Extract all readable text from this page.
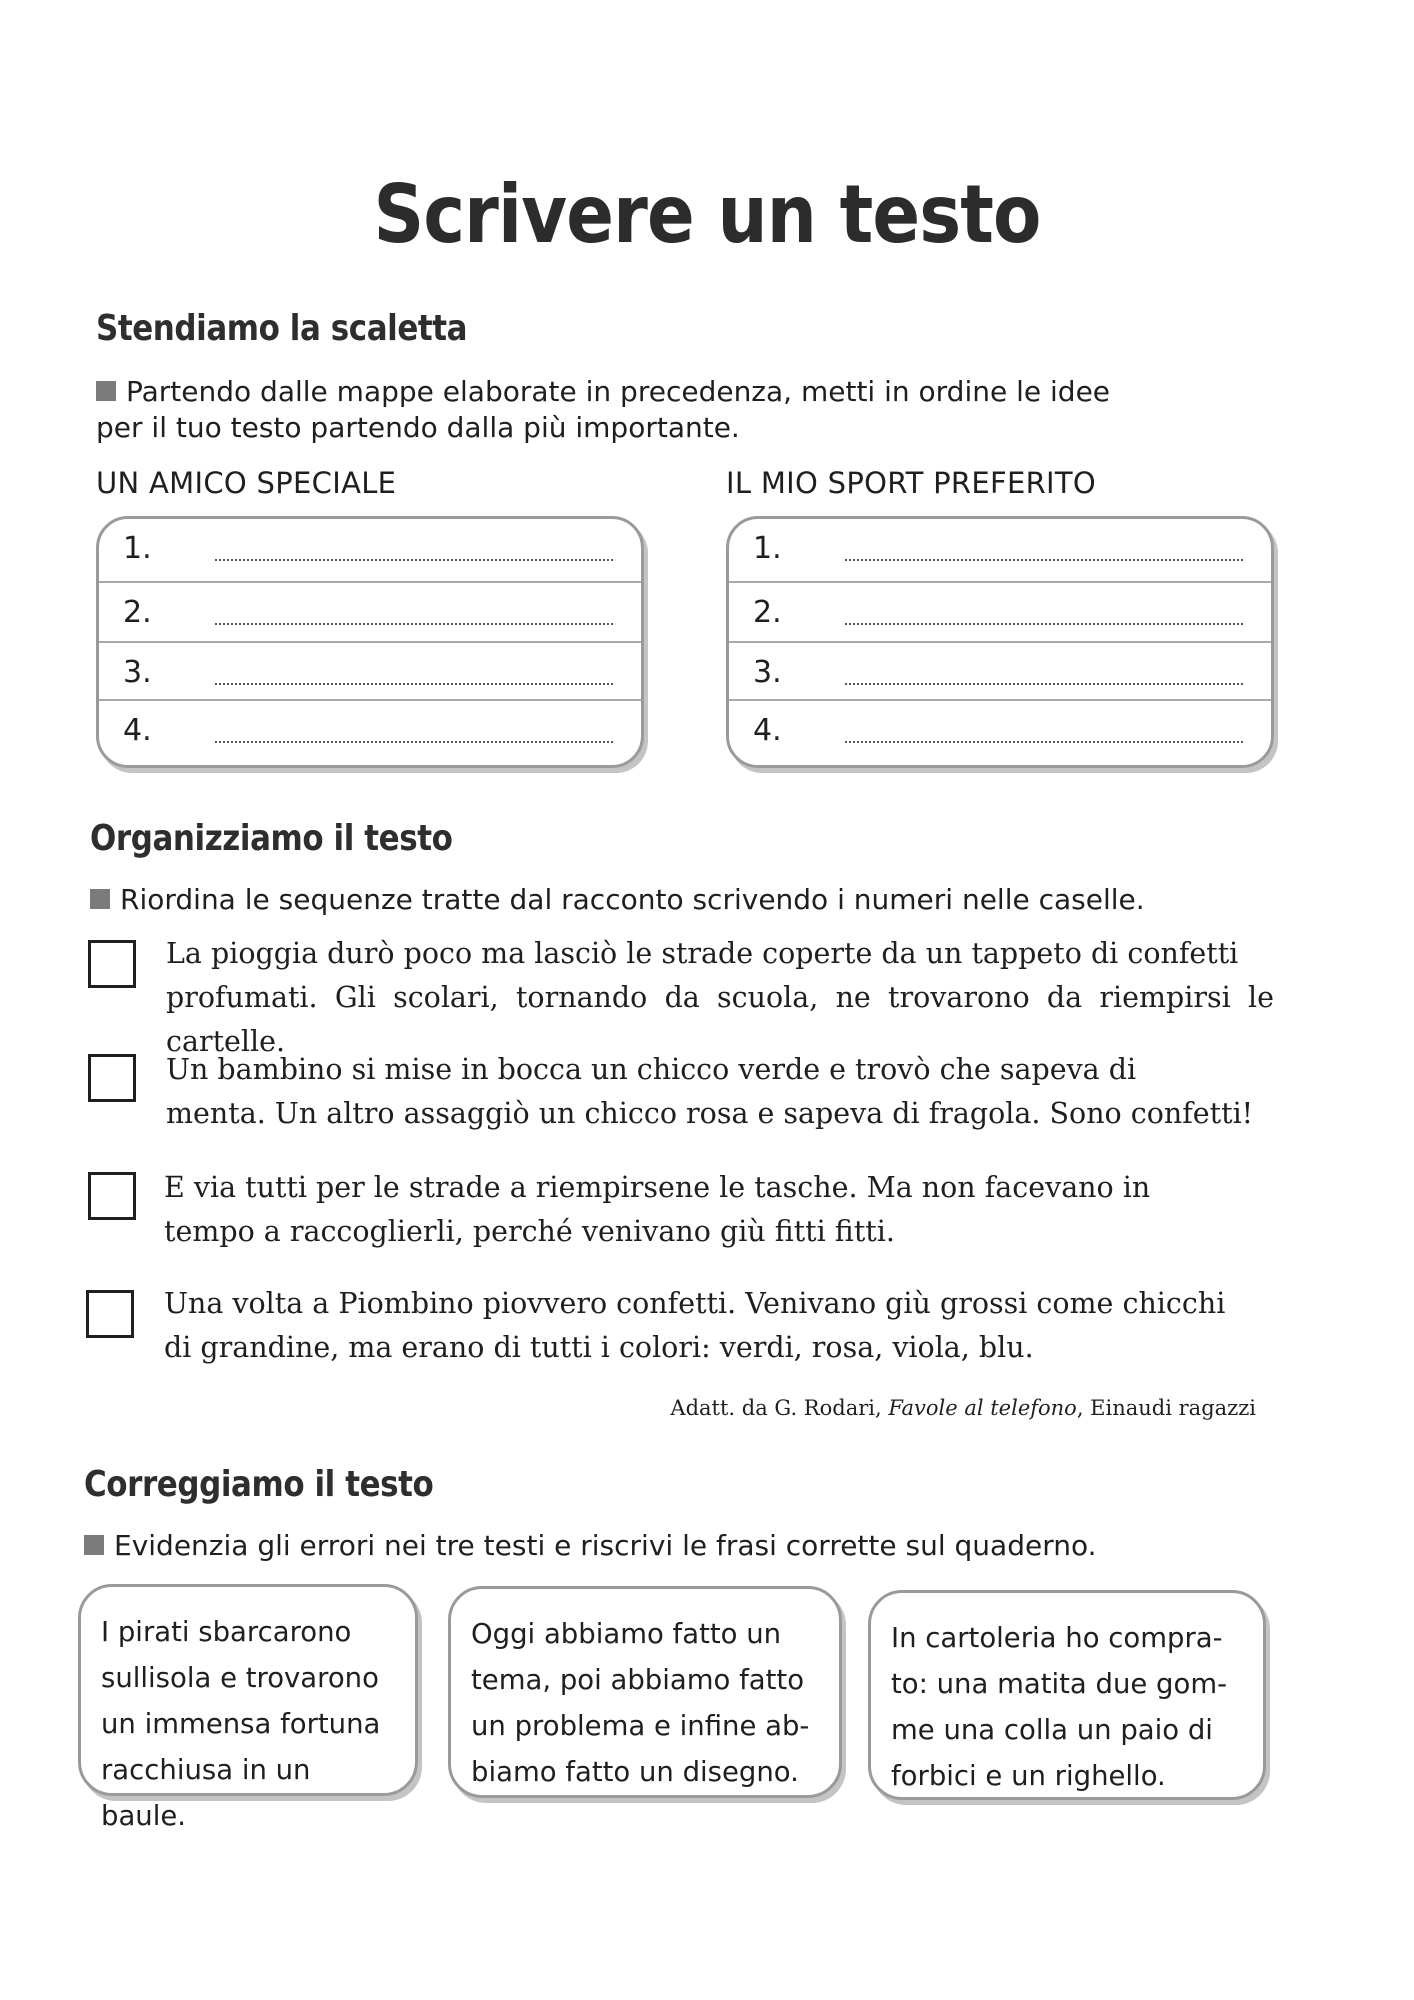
Scrivere un testo
Stendiamo la scaletta
Partendo dalle mappe elaborate in precedenza, metti in ordine le idee
per il tuo testo partendo dalla più importante.
UN AMICO SPECIALE	IL MIO SPORT PREFERITO
1.
2.
3.
4.
1.
2.
3.
4.
Organizziamo il testo
Riordina le sequenze tratte dal racconto scrivendo i numeri nelle caselle.
La pioggia durò poco ma lasciò le strade coperte da un tappeto di confetti
profumati. Gli scolari, tornando da scuola, ne trovarono da riempirsi le cartelle.
Un bambino si mise in bocca un chicco verde e trovò che sapeva di
menta. Un altro assaggiò un chicco rosa e sapeva di fragola. Sono confetti!
E via tutti per le strade a riempirsene le tasche. Ma non facevano in
tempo a raccoglierli, perché venivano giù fitti fitti.
Una volta a Piombino piovvero confetti. Venivano giù grossi come chicchi
di grandine, ma erano di tutti i colori: verdi, rosa, viola, blu.
Adatt. da G. Rodari, Favole al telefono, Einaudi ragazzi
Correggiamo il testo
Evidenzia gli errori nei tre testi e riscrivi le frasi corrette sul quaderno.
I pirati sbarcarono
sullisola e trovarono
un immensa fortuna
racchiusa in un baule.
Oggi abbiamo fatto un
tema, poi abbiamo fatto
un problema e infine ab-
biamo fatto un disegno.
In cartoleria ho compra-
to: una matita due gom-
me una colla un paio di
forbici e un righello.
